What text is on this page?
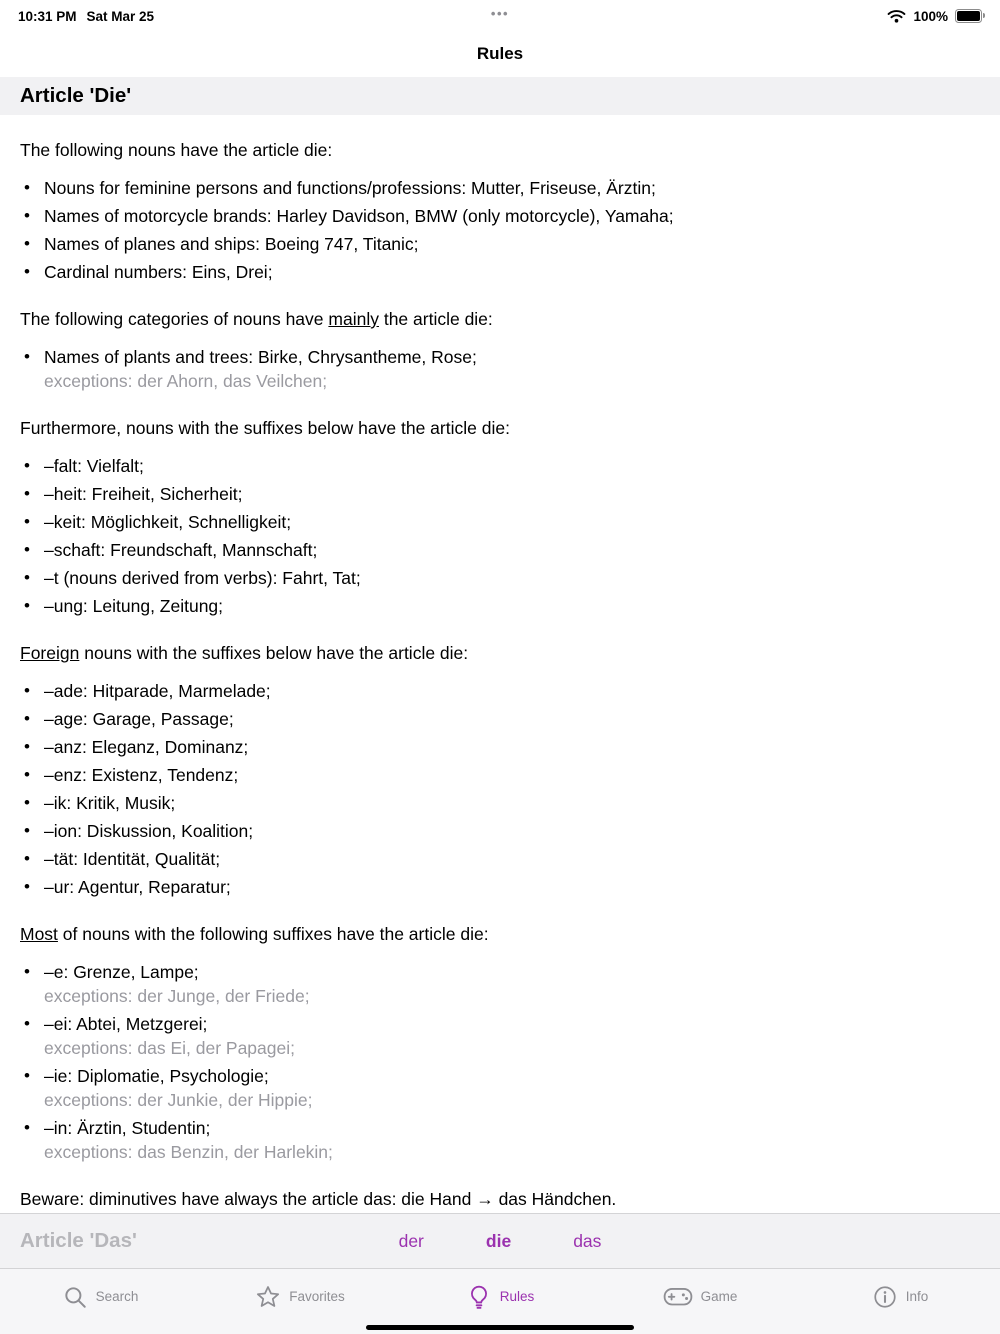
10:31 PM Sat Mar 25	•••	100%
Rules
Article 'Die'

The following nouns have the article die:

• Nouns for feminine persons and functions/professions: Mutter, Friseuse, Ärztin;
• Names of motorcycle brands: Harley Davidson, BMW (only motorcycle), Yamaha;
• Names of planes and ships: Boeing 747, Titanic;
• Cardinal numbers: Eins, Drei;

The following categories of nouns have mainly the article die:

• Names of plants and trees: Birke, Chrysantheme, Rose;
exceptions: der Ahorn, das Veilchen;

Furthermore, nouns with the suffixes below have the article die:

• –falt: Vielfalt;
• –heit: Freiheit, Sicherheit;
• –keit: Möglichkeit, Schnelligkeit;
• –schaft: Freundschaft, Mannschaft;
• –t (nouns derived from verbs): Fahrt, Tat;
• –ung: Leitung, Zeitung;

Foreign nouns with the suffixes below have the article die:

• –ade: Hitparade, Marmelade;
• –age: Garage, Passage;
• –anz: Eleganz, Dominanz;
• –enz: Existenz, Tendenz;
• –ik: Kritik, Musik;
• –ion: Diskussion, Koalition;
• –tät: Identität, Qualität;
• –ur: Agentur, Reparatur;

Most of nouns with the following suffixes have the article die:

• –e: Grenze, Lampe;
exceptions: der Junge, der Friede;
• –ei: Abtei, Metzgerei;
exceptions: das Ei, der Papagei;
• –ie: Diplomatie, Psychologie;
exceptions: der Junkie, der Hippie;
• –in: Ärztin, Studentin;
exceptions: das Benzin, der Harlekin;

Beware: diminutives have always the article das: die Hand → das Händchen.

Article 'Das'	der	die	das
Search	Favorites	Rules	Game	Info
